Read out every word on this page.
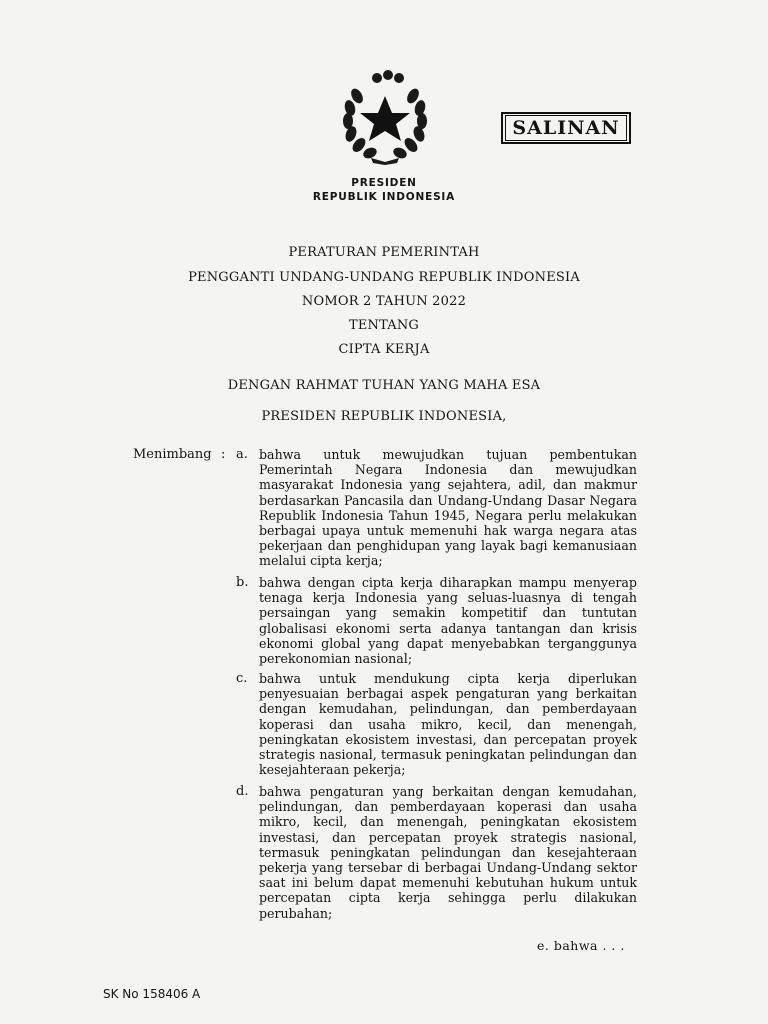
SALINAN
PRESIDEN
REPUBLIK INDONESIA
PERATURAN PEMERINTAH
PENGGANTI UNDANG-UNDANG REPUBLIK INDONESIA
NOMOR 2 TAHUN 2022
TENTANG
CIPTA KERJA
DENGAN RAHMAT TUHAN YANG MAHA ESA
PRESIDEN REPUBLIK INDONESIA,
Menimbang : a. bahwa untuk mewujudkan tujuan pembentukan Pemerintah Negara Indonesia dan mewujudkan masyarakat Indonesia yang sejahtera, adil, dan makmur berdasarkan Pancasila dan Undang-Undang Dasar Negara Republik Indonesia Tahun 1945, Negara perlu melakukan berbagai upaya untuk memenuhi hak warga negara atas pekerjaan dan penghidupan yang layak bagi kemanusiaan melalui cipta kerja;
b. bahwa dengan cipta kerja diharapkan mampu menyerap tenaga kerja Indonesia yang seluas-luasnya di tengah persaingan yang semakin kompetitif dan tuntutan globalisasi ekonomi serta adanya tantangan dan krisis ekonomi global yang dapat menyebabkan terganggunya perekonomian nasional;
c. bahwa untuk mendukung cipta kerja diperlukan penyesuaian berbagai aspek pengaturan yang berkaitan dengan kemudahan, pelindungan, dan pemberdayaan koperasi dan usaha mikro, kecil, dan menengah, peningkatan ekosistem investasi, dan percepatan proyek strategis nasional, termasuk peningkatan pelindungan dan kesejahteraan pekerja;
d. bahwa pengaturan yang berkaitan dengan kemudahan, pelindungan, dan pemberdayaan koperasi dan usaha mikro, kecil, dan menengah, peningkatan ekosistem investasi, dan percepatan proyek strategis nasional, termasuk peningkatan pelindungan dan kesejahteraan pekerja yang tersebar di berbagai Undang-Undang sektor saat ini belum dapat memenuhi kebutuhan hukum untuk percepatan cipta kerja sehingga perlu dilakukan perubahan;
e. bahwa . . .
SK No 158406 A
